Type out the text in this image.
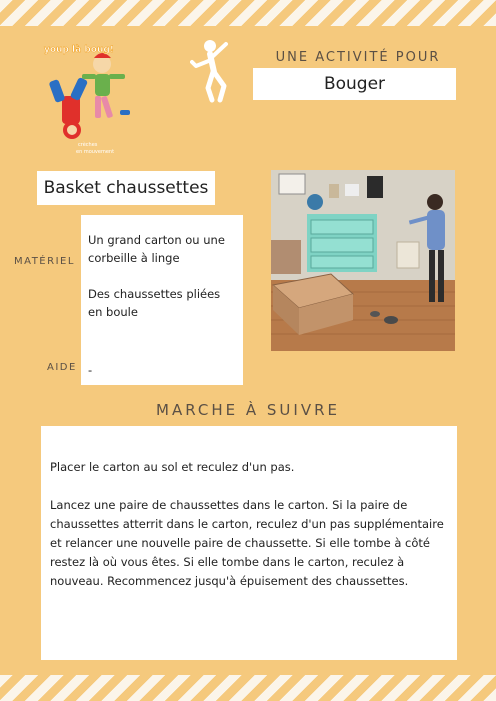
youp là boug!
crèches
en mouvement
UNE ACTIVITÉ POUR
Bouger
Basket chaussettes
MATÉRIEL
AIDE

Un grand carton ou une corbeille à linge

Des chaussettes pliées en boule

-
MARCHE À SUIVRE

Placer le carton au sol et reculez d'un pas.

Lancez une paire de chaussettes dans le carton. Si la paire de chaussettes atterrit dans le carton, reculez d'un pas supplémentaire et relancer une nouvelle paire de chaussette. Si elle tombe à côté restez là où vous êtes. Si elle tombe dans le carton, reculez à nouveau. Recommencez jusqu'à épuisement des chaussettes.
